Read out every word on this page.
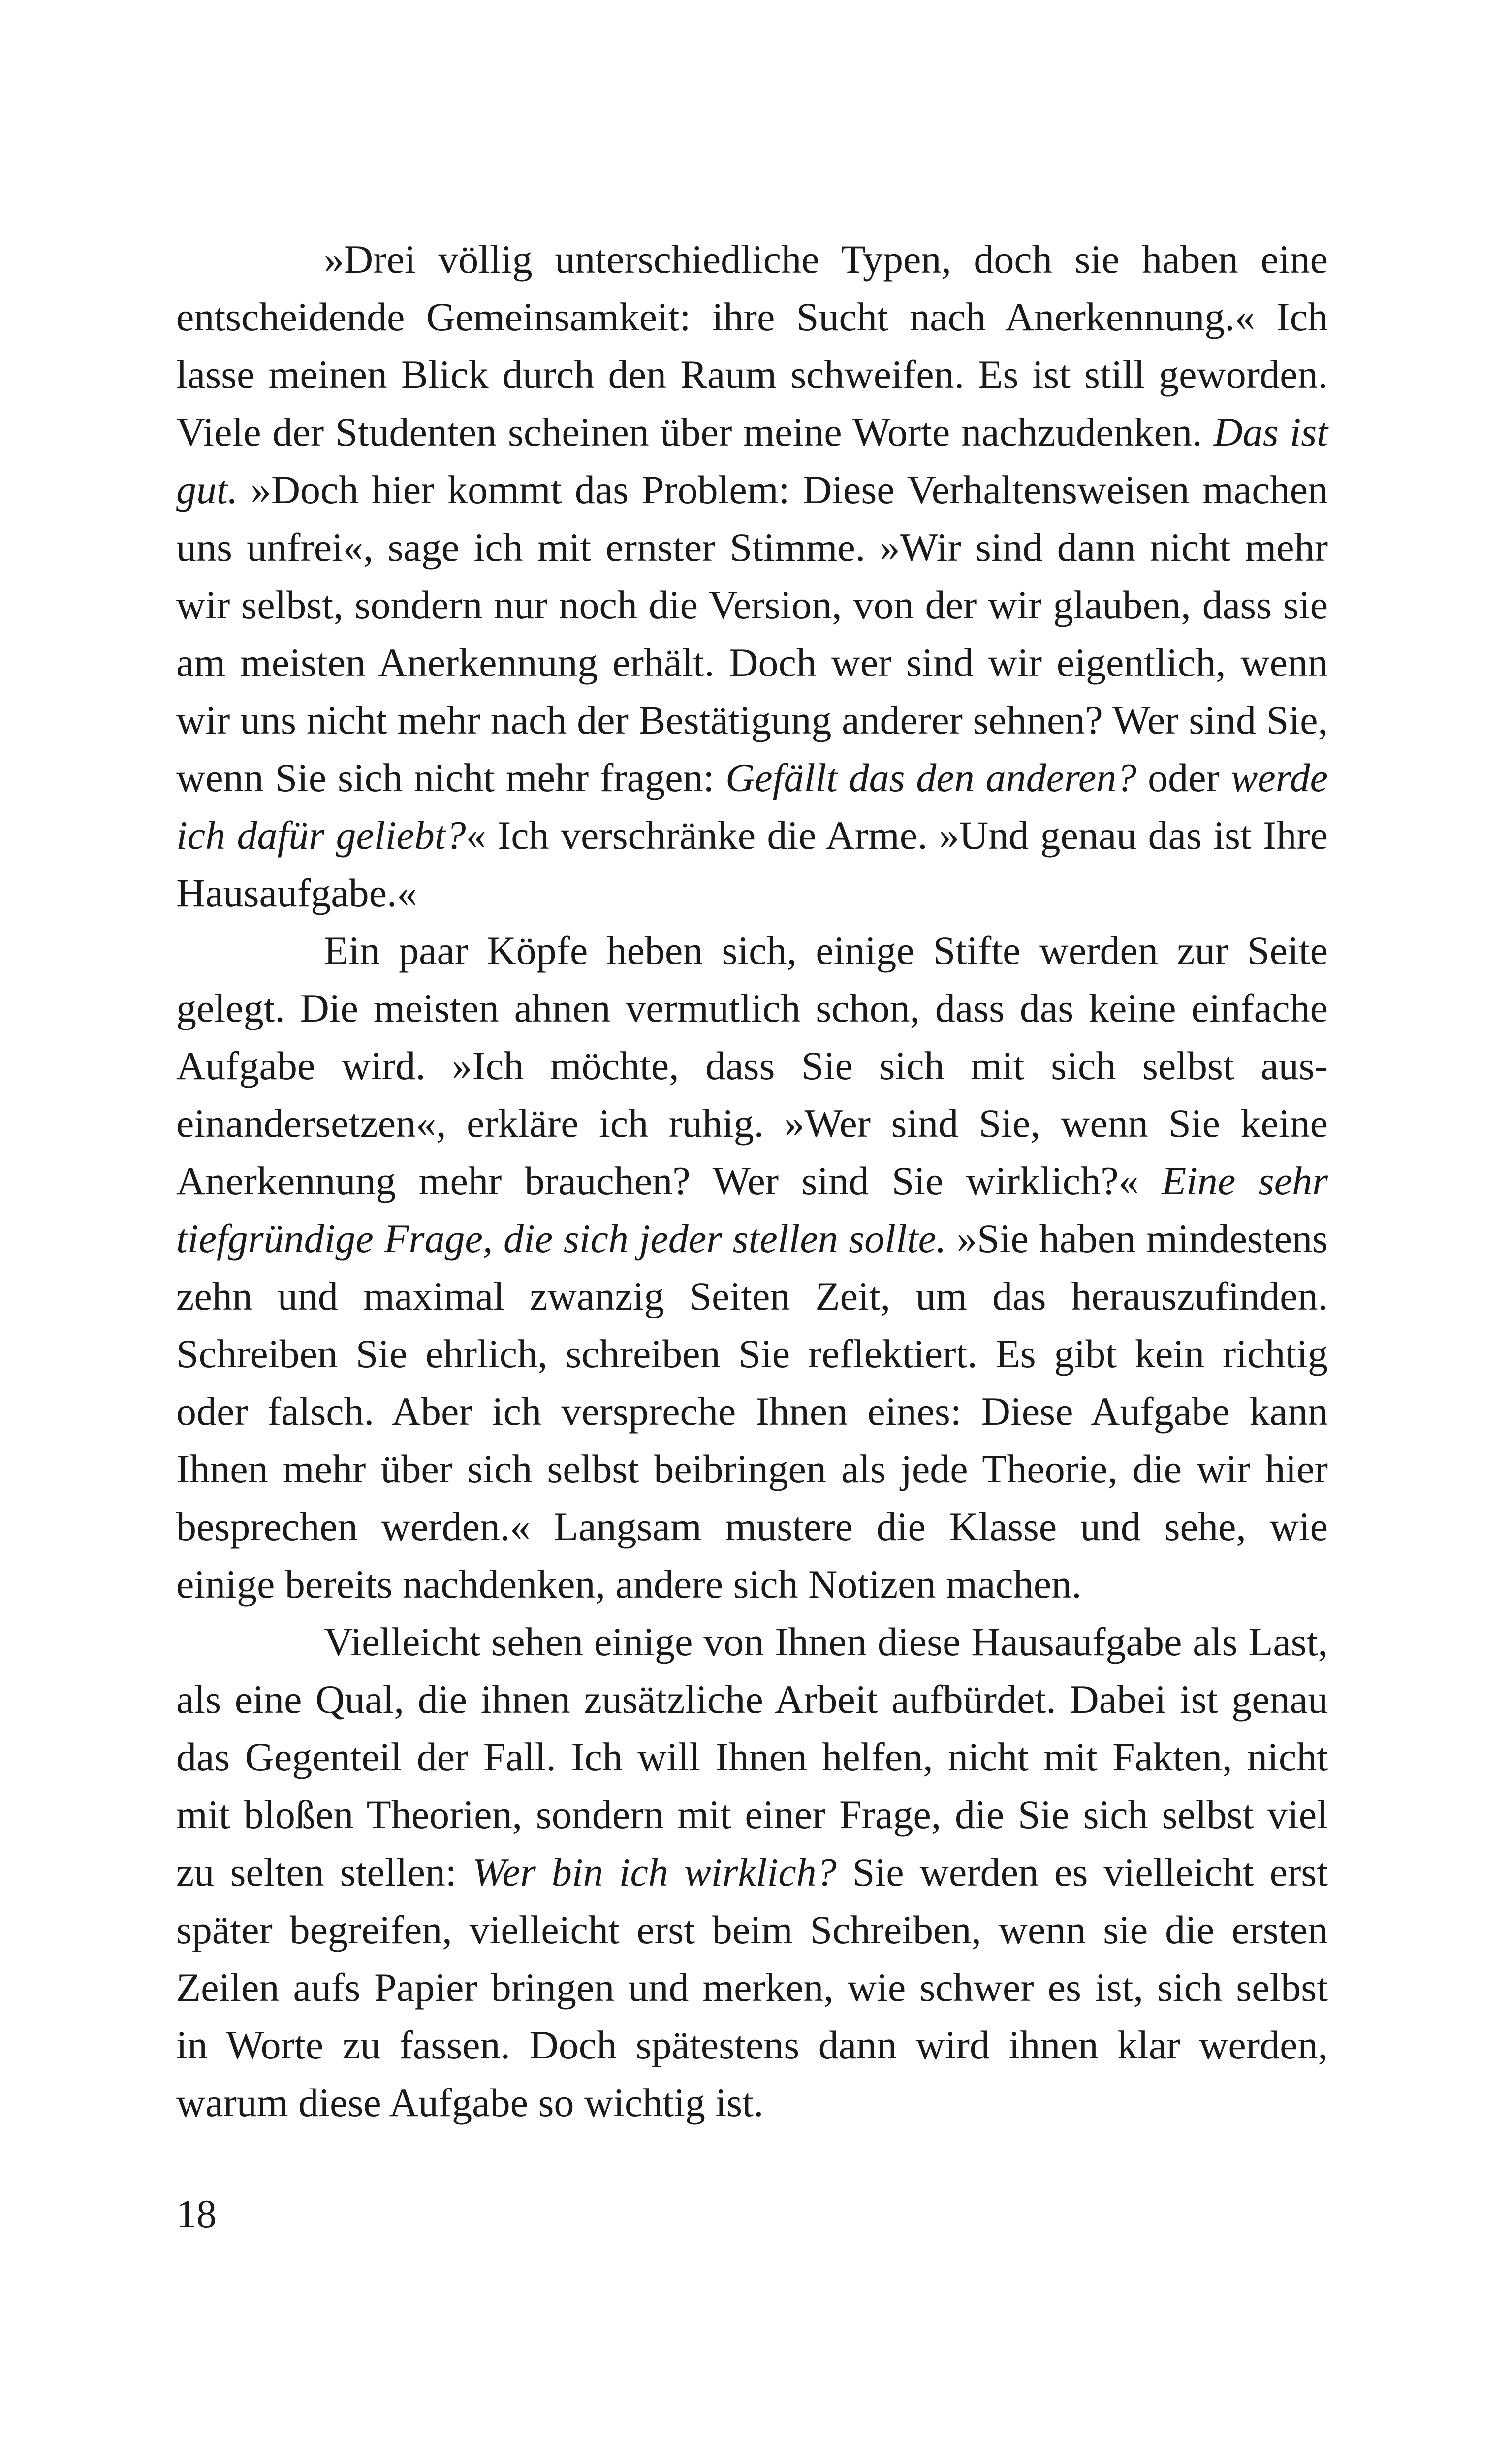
»Drei völlig unterschiedliche Typen, doch sie haben eine entscheidende Gemeinsamkeit: ihre Sucht nach Anerkennung.« Ich lasse meinen Blick durch den Raum schweifen. Es ist still geworden. Viele der Studenten scheinen über meine Worte nachzudenken. Das ist gut. »Doch hier kommt das Problem: Diese Verhaltensweisen machen uns unfrei«, sage ich mit ernster Stimme. »Wir sind dann nicht mehr wir selbst, sondern nur noch die Version, von der wir glauben, dass sie am meisten Anerkennung erhält. Doch wer sind wir eigentlich, wenn wir uns nicht mehr nach der Bestätigung anderer sehnen? Wer sind Sie, wenn Sie sich nicht mehr fragen: Gefällt das den anderen? oder werde ich dafür geliebt?« Ich verschränke die Arme. »Und genau das ist Ihre Hausaufgabe.«

Ein paar Köpfe heben sich, einige Stifte werden zur Seite gelegt. Die meisten ahnen vermutlich schon, dass das keine einfache Aufgabe wird. »Ich möchte, dass Sie sich mit sich selbst auseinandersetzen«, erkläre ich ruhig. »Wer sind Sie, wenn Sie keine Anerkennung mehr brauchen? Wer sind Sie wirklich?« Eine sehr tiefgründige Frage, die sich jeder stellen sollte. »Sie haben mindestens zehn und maximal zwanzig Seiten Zeit, um das herauszufinden. Schreiben Sie ehrlich, schreiben Sie reflektiert. Es gibt kein richtig oder falsch. Aber ich verspreche Ihnen eines: Diese Aufgabe kann Ihnen mehr über sich selbst beibringen als jede Theorie, die wir hier besprechen werden.« Langsam mustere die Klasse und sehe, wie einige bereits nachdenken, andere sich Notizen machen.

Vielleicht sehen einige von Ihnen diese Hausaufgabe als Last, als eine Qual, die ihnen zusätzliche Arbeit aufbürdet. Dabei ist genau das Gegenteil der Fall. Ich will Ihnen helfen, nicht mit Fakten, nicht mit bloßen Theorien, sondern mit einer Frage, die Sie sich selbst viel zu selten stellen: Wer bin ich wirklich? Sie werden es vielleicht erst später begreifen, vielleicht erst beim Schreiben, wenn sie die ersten Zeilen aufs Papier bringen und merken, wie schwer es ist, sich selbst in Worte zu fassen. Doch spätestens dann wird ihnen klar werden, warum diese Aufgabe so wichtig ist.

18
